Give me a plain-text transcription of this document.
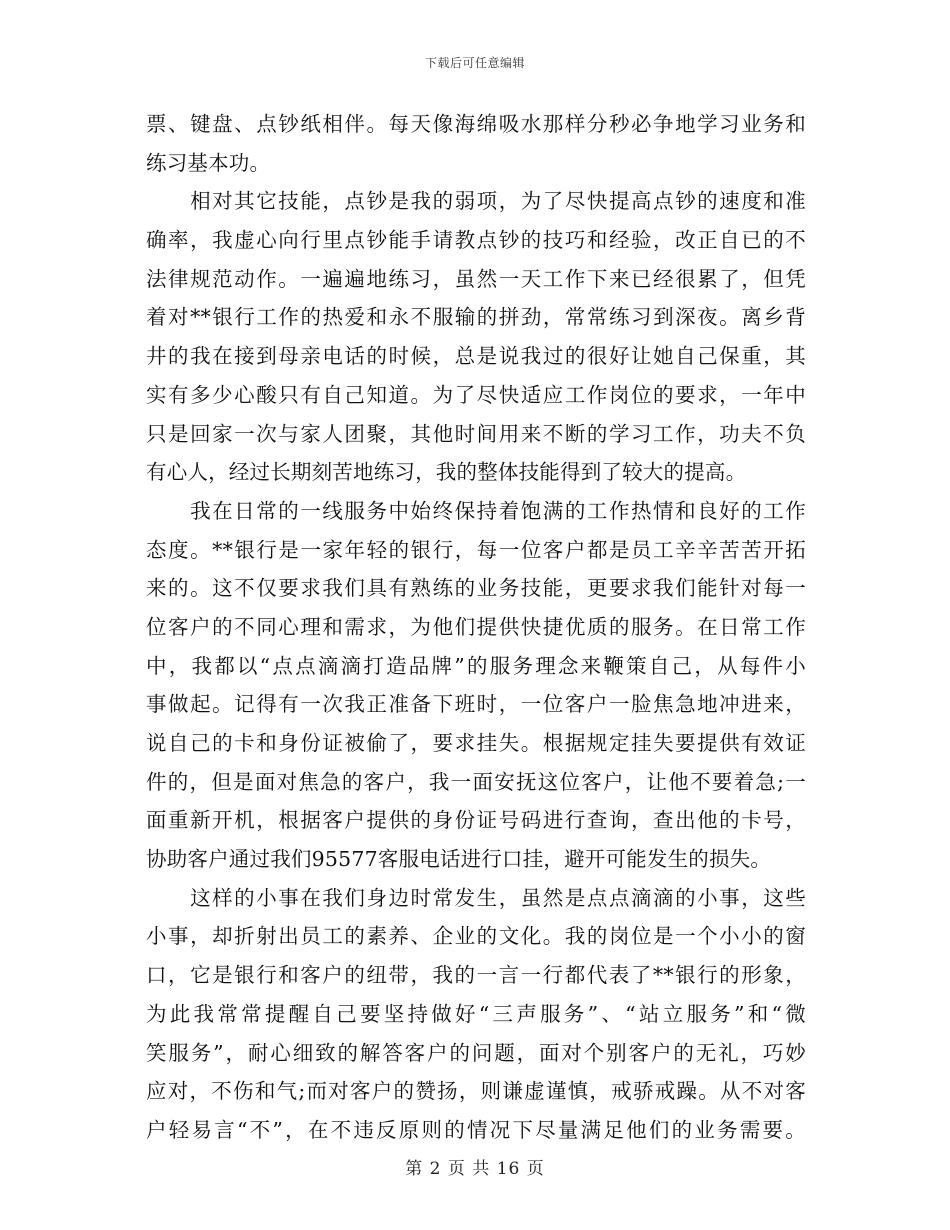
下载后可任意编辑
票、键盘、点钞纸相伴。每天像海绵吸水那样分秒必争地学习业务和
练习基本功。
　　相对其它技能，点钞是我的弱项，为了尽快提高点钞的速度和准
确率，我虚心向行里点钞能手请教点钞的技巧和经验，改正自已的不
法律规范动作。一遍遍地练习，虽然一天工作下来已经很累了，但凭
着对**银行工作的热爱和永不服输的拼劲，常常练习到深夜。离乡背
井的我在接到母亲电话的时候，总是说我过的很好让她自己保重，其
实有多少心酸只有自己知道。为了尽快适应工作岗位的要求，一年中
只是回家一次与家人团聚，其他时间用来不断的学习工作，功夫不负
有心人，经过长期刻苦地练习，我的整体技能得到了较大的提高。
　　我在日常的一线服务中始终保持着饱满的工作热情和良好的工作
态度。**银行是一家年轻的银行，每一位客户都是员工辛辛苦苦开拓
来的。这不仅要求我们具有熟练的业务技能，更要求我们能针对每一
位客户的不同心理和需求，为他们提供快捷优质的服务。在日常工作
中，我都以“点点滴滴打造品牌”的服务理念来鞭策自己，从每件小
事做起。记得有一次我正准备下班时，一位客户一脸焦急地冲进来，
说自己的卡和身份证被偷了，要求挂失。根据规定挂失要提供有效证
件的，但是面对焦急的客户，我一面安抚这位客户，让他不要着急;一
面重新开机，根据客户提供的身份证号码进行查询，查出他的卡号，
协助客户通过我们95577客服电话进行口挂，避开可能发生的损失。
　　这样的小事在我们身边时常发生，虽然是点点滴滴的小事，这些
小事，却折射出员工的素养、企业的文化。我的岗位是一个小小的窗
口，它是银行和客户的纽带，我的一言一行都代表了**银行的形象，
为此我常常提醒自己要坚持做好“三声服务”、“站立服务”和“微
笑服务”，耐心细致的解答客户的问题，面对个别客户的无礼，巧妙
应对，不伤和气;而对客户的赞扬，则谦虚谨慎，戒骄戒躁。从不对客
户轻易言“不”，在不违反原则的情况下尽量满足他们的业务需要。
第 2 页 共 16 页
